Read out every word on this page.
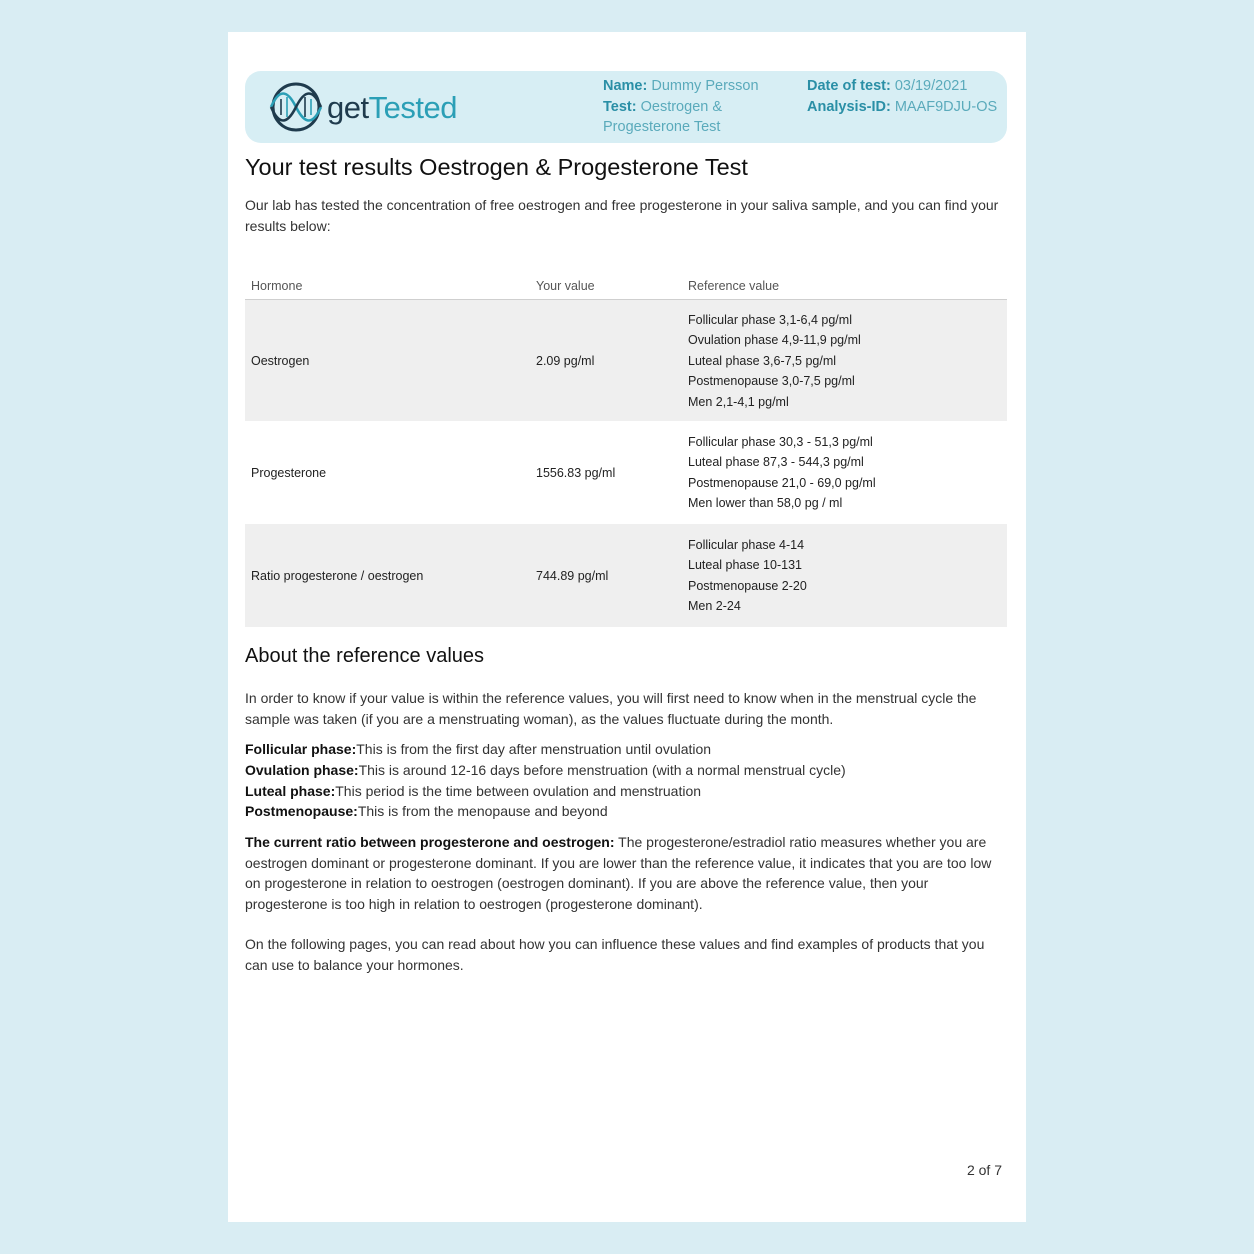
getTested
Name: Dummy Persson
Test: Oestrogen & Progesterone Test
Date of test: 03/19/2021
Analysis-ID: MAAF9DJU-OS
Your test results Oestrogen & Progesterone Test

Our lab has tested the concentration of free oestrogen and free progesterone in your saliva sample, and you can find your results below:

Hormone	Your value	Reference value
Oestrogen	2.09 pg/ml
Follicular phase 3,1-6,4 pg/ml
Ovulation phase 4,9-11,9 pg/ml
Luteal phase 3,6-7,5 pg/ml
Postmenopause 3,0-7,5 pg/ml
Men 2,1-4,1 pg/ml
Progesterone	1556.83 pg/ml
Follicular phase 30,3 - 51,3 pg/ml
Luteal phase 87,3 - 544,3 pg/ml
Postmenopause 21,0 - 69,0 pg/ml
Men lower than 58,0 pg / ml
Ratio progesterone / oestrogen	744.89 pg/ml
Follicular phase 4-14
Luteal phase 10-131
Postmenopause 2-20
Men 2-24
About the reference values

In order to know if your value is within the reference values, you will first need to know when in the menstrual cycle the sample was taken (if you are a menstruating woman), as the values fluctuate during the month.

Follicular phase:This is from the first day after menstruation until ovulation
Ovulation phase:This is around 12-16 days before menstruation (with a normal menstrual cycle)
Luteal phase:This period is the time between ovulation and menstruation
Postmenopause:This is from the menopause and beyond

The current ratio between progesterone and oestrogen: The progesterone/estradiol ratio measures whether you are oestrogen dominant or progesterone dominant. If you are lower than the reference value, it indicates that you are too low on progesterone in relation to oestrogen (oestrogen dominant). If you are above the reference value, then your progesterone is too high in relation to oestrogen (progesterone dominant).

On the following pages, you can read about how you can influence these values and find examples of products that you can use to balance your hormones.

2 of 7
